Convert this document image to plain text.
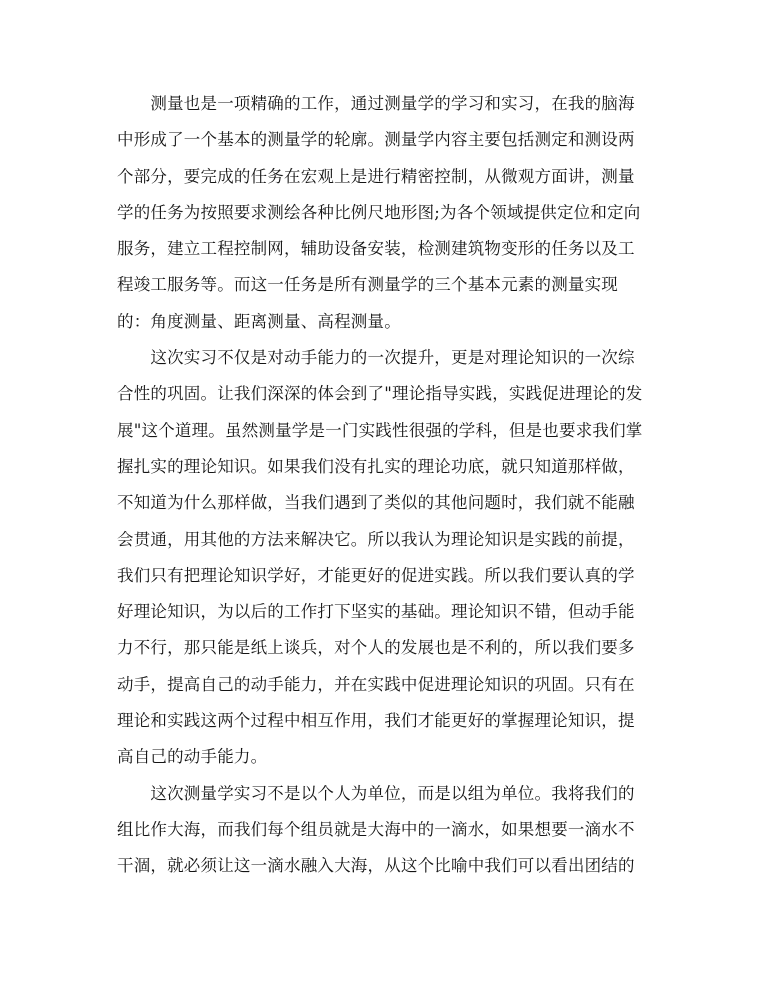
　　测量也是一项精确的工作，通过测量学的学习和实习，在我的脑海

中形成了一个基本的测量学的轮廓。测量学内容主要包括测定和测设两

个部分，要完成的任务在宏观上是进行精密控制，从微观方面讲，测量

学的任务为按照要求测绘各种比例尺地形图;为各个领域提供定位和定向

服务，建立工程控制网，辅助设备安装，检测建筑物变形的任务以及工

程竣工服务等。而这一任务是所有测量学的三个基本元素的测量实现

的：角度测量、距离测量、高程测量。

　　这次实习不仅是对动手能力的一次提升，更是对理论知识的一次综

合性的巩固。让我们深深的体会到了"理论指导实践，实践促进理论的发

展"这个道理。虽然测量学是一门实践性很强的学科，但是也要求我们掌

握扎实的理论知识。如果我们没有扎实的理论功底，就只知道那样做，

不知道为什么那样做，当我们遇到了类似的其他问题时，我们就不能融

会贯通，用其他的方法来解决它。所以我认为理论知识是实践的前提，

我们只有把理论知识学好，才能更好的促进实践。所以我们要认真的学

好理论知识，为以后的工作打下坚实的基础。理论知识不错，但动手能

力不行，那只能是纸上谈兵，对个人的发展也是不利的，所以我们要多

动手，提高自己的动手能力，并在实践中促进理论知识的巩固。只有在

理论和实践这两个过程中相互作用，我们才能更好的掌握理论知识，提

高自己的动手能力。

　　这次测量学实习不是以个人为单位，而是以组为单位。我将我们的

组比作大海，而我们每个组员就是大海中的一滴水，如果想要一滴水不

干涸，就必须让这一滴水融入大海，从这个比喻中我们可以看出团结的
